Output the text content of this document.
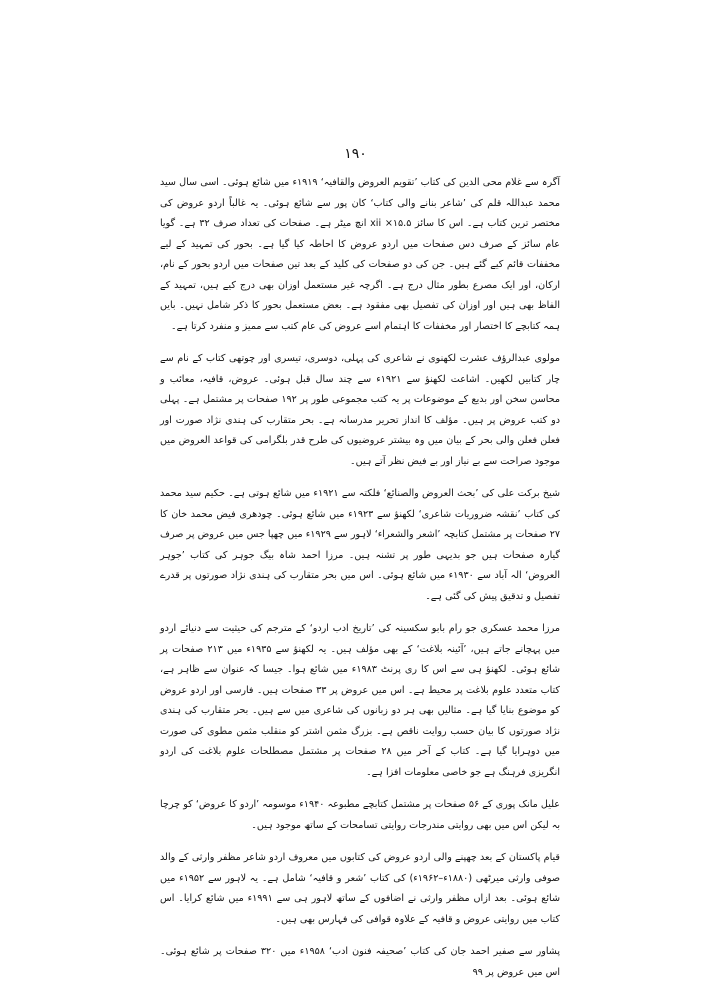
۱۹۰

آگرہ سے غلام محی الدین کی کتاب ’تقویم العروض والقافیہ‘ ۱۹۱۹ء میں شائع ہوئی۔ اسی سال سید محمد عبداللہ قلم کی ’شاعر بنانے والی کتاب‘ کان پور سے شائع ہوئی۔ یہ غالباً اردو عروض کی مختصر ترین کتاب ہے۔ اس کا سائز xii ×۱۵.۵ انچ میٹر ہے۔ صفحات کی تعداد صرف ۳۲ ہے۔ گویا عام سائز کے صرف دس صفحات میں اردو عروض کا احاطہ کیا گیا ہے۔ بحور کی تمہید کے لیے مخففات قائم کیے گئے ہیں۔ جن کی دو صفحات کی کلید کے بعد تین صفحات میں اردو بحور کے نام، ارکان، اور ایک مصرع بطور مثال درج ہے۔ اگرچہ غیر مستعمل اوزان بھی درج کیے ہیں، تمہید کے الفاظ بھی ہیں اور اوزان کی تفصیل بھی مفقود ہے۔ بعض مستعمل بحور کا ذکر شامل نہیں۔ بایں ہمہ کتابچے کا اختصار اور مخففات کا اہتمام اسے عروض کی عام کتب سے ممیز و منفرد کرتا ہے۔

مولوی عبدالرؤف عشرت لکھنوی نے شاعری کی پہلی، دوسری، تیسری اور چوتھی کتاب کے نام سے چار کتابیں لکھیں۔ اشاعت لکھنؤ سے ۱۹۲۱ء سے چند سال قبل ہوئی۔ عروض، قافیہ، معائب و محاسن سخن اور بدیع کے موضوعات پر یہ کتب مجموعی طور پر ۱۹۲ صفحات پر مشتمل ہے۔ پہلی دو کتب عروض پر ہیں۔ مؤلف کا انداز تحریر مدرسانہ ہے۔ بحر متقارب کی ہندی نژاد صورت اور فعلن فعلن والی بحر کے بیان میں وہ بیشتر عروضیوں کی طرح قدر بلگرامی کی قواعد العروض میں موجود صراحت سے بے نیاز اور بے فیض نظر آتے ہیں۔

شیخ برکت علی کی ’بحث العروض والصنائع‘ فلکتہ سے ۱۹۲۱ء میں شائع ہوتی ہے۔ حکیم سید محمد کی کتاب ’نقشہ ضروریات شاعری‘ لکھنؤ سے ۱۹۲۳ء میں شائع ہوئی۔ چودھری فیض محمد خان کا ۲۷ صفحات پر مشتمل کتابچہ ’اشعر والشعراء‘ لاہور سے ۱۹۲۹ء میں چھپا جس میں عروض پر صرف گیارہ صفحات ہیں جو بدیہی طور پر تشنہ ہیں۔ مرزا احمد شاہ بیگ جوہر کی کتاب ’جوہر العروض‘ الہ آباد سے ۱۹۳۰ء میں شائع ہوئی۔ اس میں بحر متقارب کی ہندی نژاد صورتوں پر قدرے تفصیل و تدقیق پیش کی گئی ہے۔

مرزا محمد عسکری جو رام بابو سکسینہ کی ’تاریخ ادب اردو‘ کے مترجم کی حیثیت سے دنیائے اردو میں پہچانے جاتے ہیں، ’آئینہ بلاغت‘ کے بھی مؤلف ہیں۔ یہ لکھنؤ سے ۱۹۳۵ء میں ۲۱۳ صفحات پر شائع ہوئی۔ لکھنؤ ہی سے اس کا ری پرنٹ ۱۹۸۳ء میں شائع ہوا۔ جیسا کہ عنوان سے ظاہر ہے، کتاب متعدد علوم بلاغت پر محیط ہے۔ اس میں عروض پر ۳۳ صفحات ہیں۔ فارسی اور اردو عروض کو موضوع بنایا گیا ہے۔ مثالیں بھی ہر دو زبانوں کی شاعری میں سے ہیں۔ بحر متقارب کی ہندی نژاد صورتوں کا بیان حسب روایت ناقص ہے۔ بزرگ مثمن اشتر کو منقلب مثمن مطوی کی صورت میں دوہرایا گیا ہے۔ کتاب کے آخر میں ۲۸ صفحات پر مشتمل مصطلحات علوم بلاغت کی اردو انگریزی فرہنگ ہے جو خاصی معلومات افزا ہے۔

علیل مانک پوری کے ۵۶ صفحات پر مشتمل کتابچے مطبوعہ ۱۹۴۰ء موسومہ ’اردو کا عروض‘ کو چرچا بہ لیکن اس میں بھی روایتی مندرجات روایتی تسامحات کے ساتھ موجود ہیں۔

قیام پاکستان کے بعد چھپنے والی اردو عروض کی کتابوں میں معروف اردو شاعر مظفر وارثی کے والد صوفی وارثی میرٹھی (۱۸۸۰ء–۱۹۶۲ء) کی کتاب ’شعر و قافیہ‘ شامل ہے۔ یہ لاہور سے ۱۹۵۲ء میں شائع ہوئی۔ بعد ازاں مظفر وارثی نے اضافوں کے ساتھ لاہور ہی سے ۱۹۹۱ء میں شائع کرایا۔ اس کتاب میں روایتی عروض و قافیہ کے علاوہ قوافی کی فہارس بھی ہیں۔

پشاور سے صفیر احمد جان کی کتاب ’صحیفہ فنون ادب‘ ۱۹۵۸ء میں ۳۲۰ صفحات پر شائع ہوئی۔ اس میں عروض پر ۹۹
